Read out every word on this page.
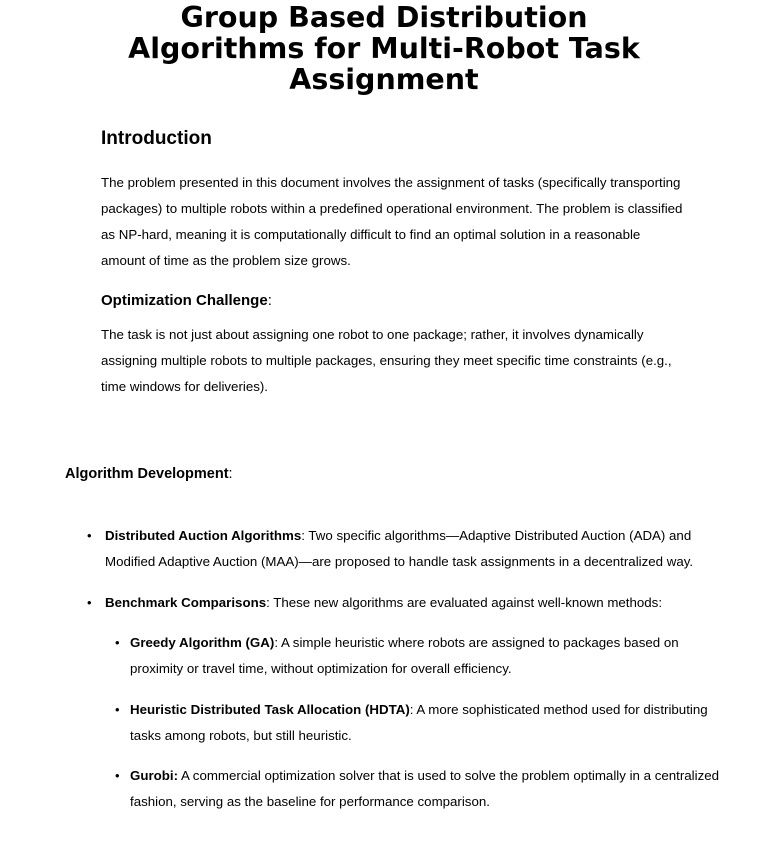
Group Based Distribution
Algorithms for Multi-Robot Task
Assignment
Introduction

The problem presented in this document involves the assignment of tasks (specifically transporting
packages) to multiple robots within a predefined operational environment. The problem is classified
as NP-hard, meaning it is computationally difficult to find an optimal solution in a reasonable
amount of time as the problem size grows.

Optimization Challenge:

The task is not just about assigning one robot to one package; rather, it involves dynamically
assigning multiple robots to multiple packages, ensuring they meet specific time constraints (e.g.,
time windows for deliveries).

Algorithm Development:

• Distributed Auction Algorithms: Two specific algorithms—Adaptive Distributed Auction (ADA) and
Modified Adaptive Auction (MAA)—are proposed to handle task assignments in a decentralized way.
• Benchmark Comparisons: These new algorithms are evaluated against well-known methods:
• Greedy Algorithm (GA): A simple heuristic where robots are assigned to packages based on
proximity or travel time, without optimization for overall efficiency.
• Heuristic Distributed Task Allocation (HDTA): A more sophisticated method used for distributing
tasks among robots, but still heuristic.
• Gurobi: A commercial optimization solver that is used to solve the problem optimally in a centralized
fashion, serving as the baseline for performance comparison.
